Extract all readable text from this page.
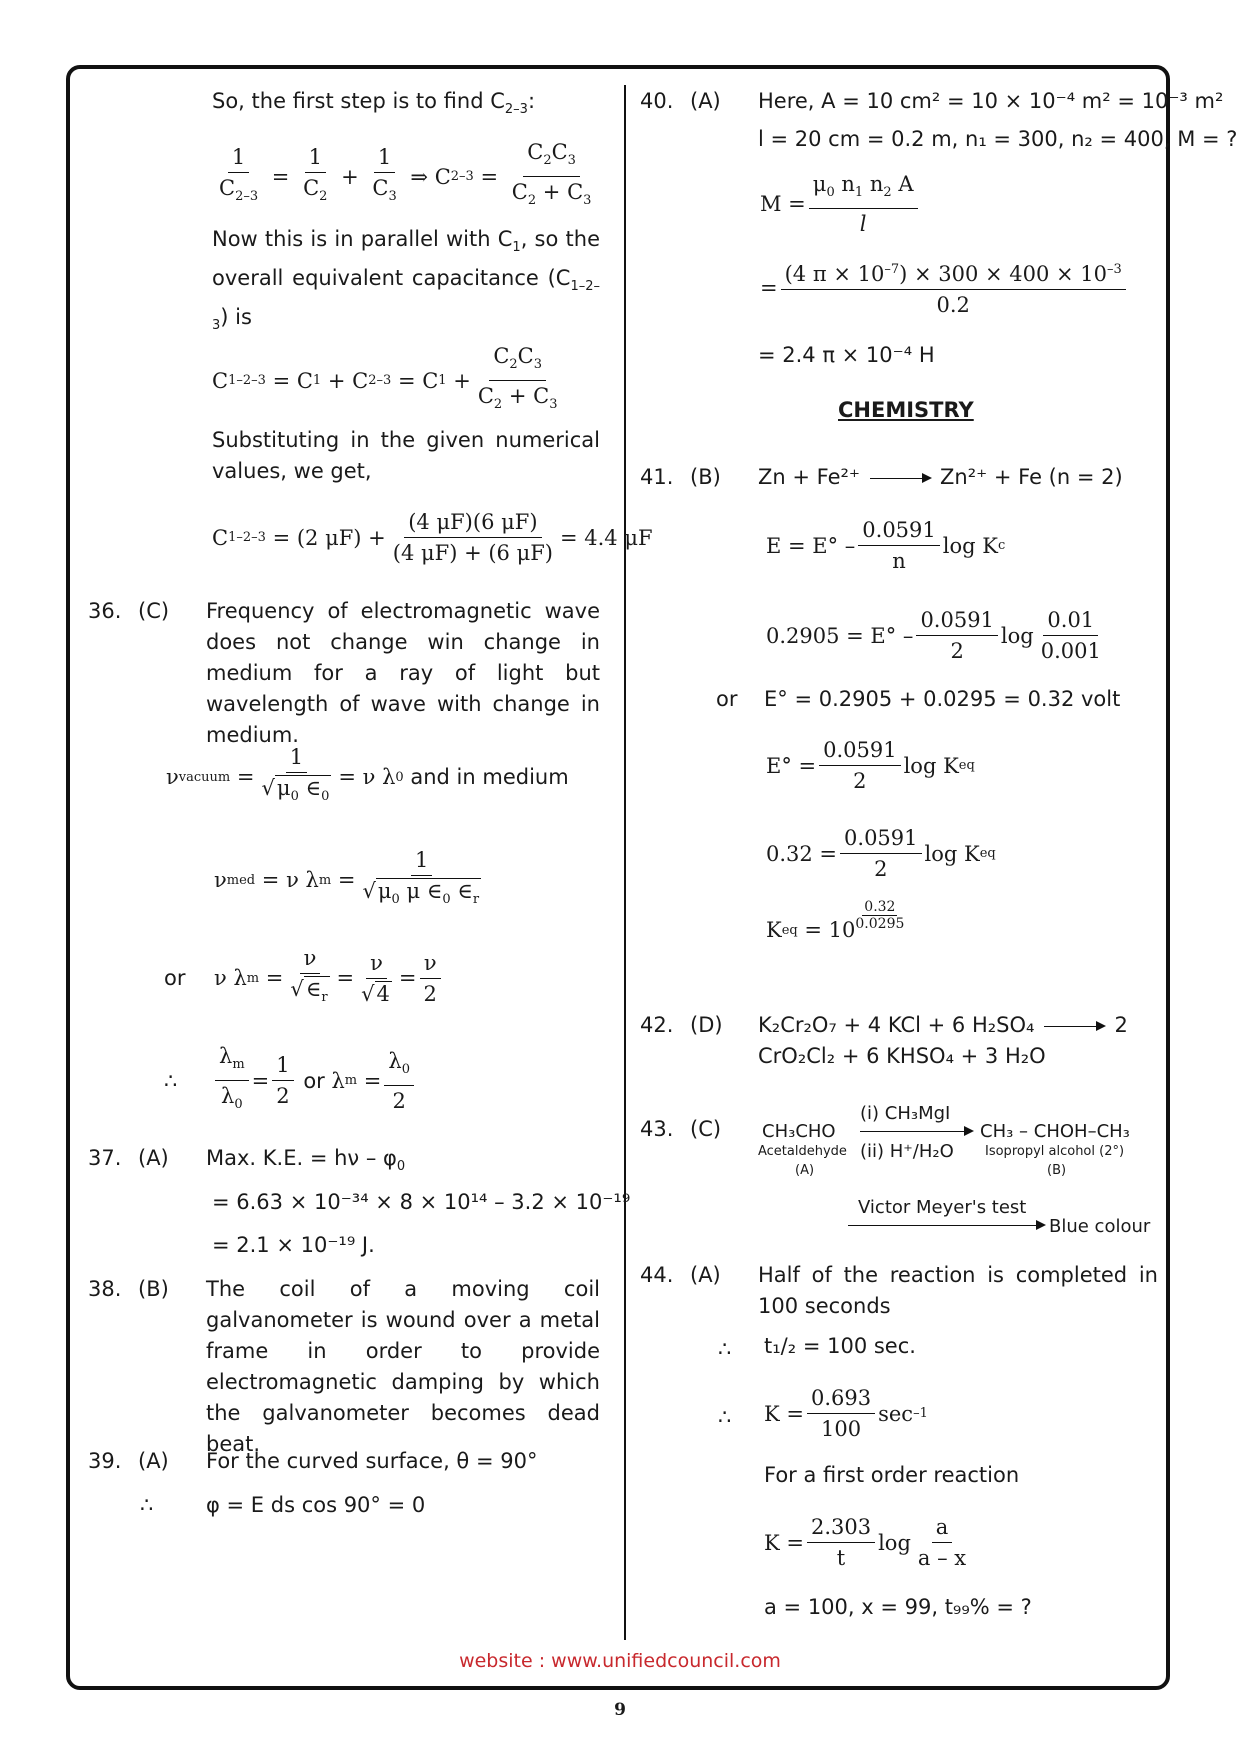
So, the first step is to find $C_{2-3}$:
$\frac{1}{C_{2-3}} = \frac{1}{C_2} + \frac{1}{C_3}$ ⇒ C $2-3 = \frac{C_2C_3}{C_2 + C_3}$
Now this is in parallel with $C_1$, so the overall equivalent capacitance $(C_{1-2-3})$ is
C 1–2–3 = C 1 + C 2–3 = C $1 + \frac{C_2C_3}{C_2 + C_3}$
Substituting in the given numerical values, we get,
C 1–2–3 = (2 $\mu F) + \frac{(4 \mu F)(6 \mu F)}{(4 \mu F) + (6 \mu F)} = 4.4$ μF
36. (C) Frequency of electromagnetic wave does not change win change in medium for a ray of light but wavelength of wave with change in medium.
ν vacuum = $\frac{1}{√\mu_0 \in_0} = \nu$ λ 0
and in medium
ν med = ν λ $m = \frac{1}{√\mu_0 \mu \in_0 \in_r}$
or ν λ $m = \frac{\nu}{√\in_r} = \frac{\nu}{√4} = \frac{\nu}{2}$
∴ $\frac{\lambda_m}{\lambda_0} = \frac{1}{2}$
or λ $m = \frac{\lambda_0}{2}$
37. (A) Max. K.E. = hν – $\varphi_0$
= 6.63 × 10⁻³⁴ × 8 × 10¹⁴ – 3.2 × 10⁻¹⁹
= 2.1 × 10⁻¹⁹ J.
38. (B) The coil of a moving coil galvanometer is wound over a metal frame in order to provide electromagnetic damping by which the galvanometer becomes dead beat.
39. (A) For the curved surface, θ = 90°
∴	φ = E ds cos 90° = 0
40. (A) Here, A = 10 cm² = 10 × 10⁻⁴ m² = 10⁻³ m²
l = 20 cm = 0.2 m, n₁ = 300, n₂ = 400, M = ?
$M = \frac{\mu_0 n_1 n_2 A}{l}$
= $\frac{(4 \pi \times 10^{-7}) \times 300 \times 400 \times 10^{-3}}{0.2}$
= 2.4 π × 10⁻⁴ H
CHEMISTRY
41. (B) Zn + Fe²⁺	Zn²⁺ + Fe (n = 2)
$E = E^\circ - \frac{0.0591}{n}$ log K c
$0.2905 = E^\circ - \frac{0.0591}{2}$ $\log \frac{0.01}{0.001}$
or E° = 0.2905 + 0.0295 = 0.32 volt
$E^\circ = \frac{0.0591}{2}$ log K eq
$0.32 = \frac{0.0591}{2}$ log K eq
K eq = 10
0.32
0.0295
42. (D) K₂Cr₂O₇ + 4 KCl + 6 H₂SO₄	2
CrO₂Cl₂ + 6 KHSO₄ + 3 H₂O
43. (C) CH₃CHO
Acetaldehyde
(A)
(i) CH₃MgI
(ii) H⁺/H₂O
CH₃ – CHOH–CH₃
Isopropyl alcohol (2°)
(B)
Victor Meyer's test
Blue colour
44. (A) Half of the reaction is completed in 100 seconds
∴ t₁/₂ = 100 sec.
∴ $K = \frac{0.693}{100}$ sec –1
For a first order reaction
$K = \frac{2.303}{t}$ $\log \frac{a}{a - x}$
a = 100, x = 99, t₉₉% = ?
website : www.unifiedcouncil.com
9
